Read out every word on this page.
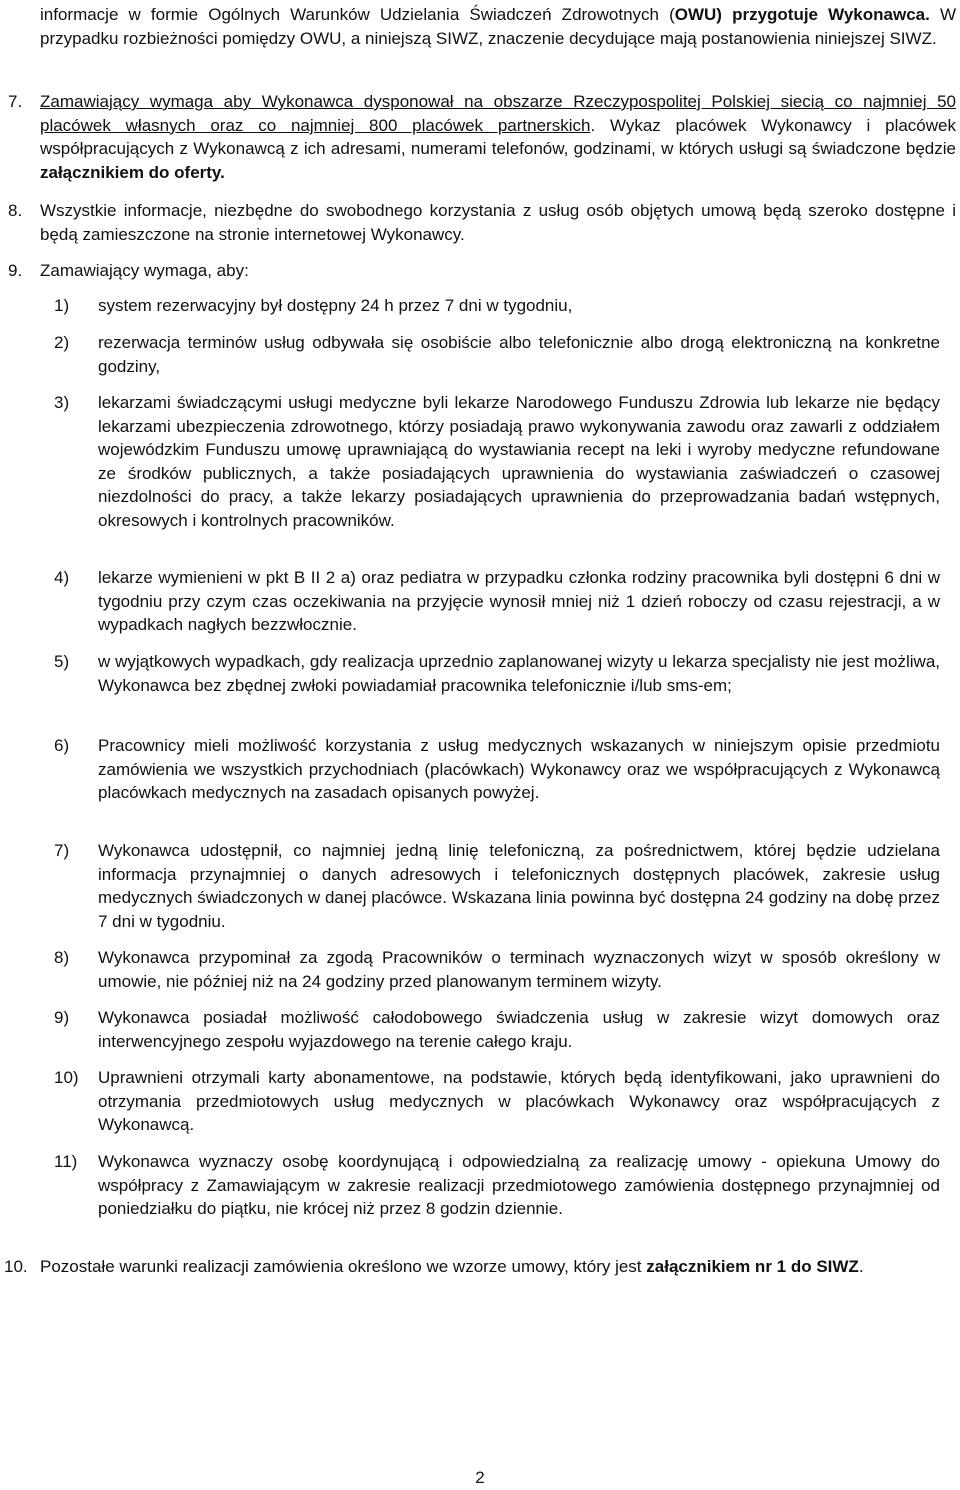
informacje w formie Ogólnych Warunków Udzielania Świadczeń Zdrowotnych (OWU) przygotuje Wykonawca. W przypadku rozbieżności pomiędzy OWU, a niniejszą SIWZ, znaczenie decydujące mają postanowienia niniejszej SIWZ.
7. Zamawiający wymaga aby Wykonawca dysponował na obszarze Rzeczypospolitej Polskiej siecią co najmniej 50 placówek własnych oraz co najmniej 800 placówek partnerskich. Wykaz placówek Wykonawcy i placówek współpracujących z Wykonawcą z ich adresami, numerami telefonów, godzinami, w których usługi są świadczone będzie załącznikiem do oferty.
8. Wszystkie informacje, niezbędne do swobodnego korzystania z usług osób objętych umową będą szeroko dostępne i będą zamieszczone na stronie internetowej Wykonawcy.
9. Zamawiający wymaga, aby:
1) system rezerwacyjny był dostępny 24 h przez 7 dni w tygodniu,
2) rezerwacja terminów usług odbywała się osobiście albo telefonicznie albo drogą elektroniczną na konkretne godziny,
3) lekarzami świadczącymi usługi medyczne byli lekarze Narodowego Funduszu Zdrowia lub lekarze nie będący lekarzami ubezpieczenia zdrowotnego, którzy posiadają prawo wykonywania zawodu oraz zawarli z oddziałem wojewódzkim Funduszu umowę uprawniającą do wystawiania recept na leki i wyroby medyczne refundowane ze środków publicznych, a także posiadających uprawnienia do wystawiania zaświadczeń o czasowej niezdolności do pracy, a także lekarzy posiadających uprawnienia do przeprowadzania badań wstępnych, okresowych i kontrolnych pracowników.
4) lekarze wymienieni w pkt B II 2 a) oraz pediatra w przypadku członka rodziny pracownika byli dostępni 6 dni w tygodniu przy czym czas oczekiwania na przyjęcie wynosił mniej niż 1 dzień roboczy od czasu rejestracji, a w wypadkach nagłych bezzwłocznie.
5) w wyjątkowych wypadkach, gdy realizacja uprzednio zaplanowanej wizyty u lekarza specjalisty nie jest możliwa, Wykonawca bez zbędnej zwłoki powiadamiał pracownika telefonicznie i/lub sms-em;
6) Pracownicy mieli możliwość korzystania z usług medycznych wskazanych w niniejszym opisie przedmiotu zamówienia we wszystkich przychodniach (placówkach) Wykonawcy oraz we współpracujących z Wykonawcą placówkach medycznych na zasadach opisanych powyżej.
7) Wykonawca udostępnił, co najmniej jedną linię telefoniczną, za pośrednictwem, której będzie udzielana informacja przynajmniej o danych adresowych i telefonicznych dostępnych placówek, zakresie usług medycznych świadczonych w danej placówce. Wskazana linia powinna być dostępna 24 godziny na dobę przez 7 dni w tygodniu.
8) Wykonawca przypominał za zgodą Pracowników o terminach wyznaczonych wizyt w sposób określony w umowie, nie później niż na 24 godziny przed planowanym terminem wizyty.
9) Wykonawca posiadał możliwość całodobowego świadczenia usług w zakresie wizyt domowych oraz interwencyjnego zespołu wyjazdowego na terenie całego kraju.
10) Uprawnieni otrzymali karty abonamentowe, na podstawie, których będą identyfikowani, jako uprawnieni do otrzymania przedmiotowych usług medycznych w placówkach Wykonawcy oraz współpracujących z Wykonawcą.
11) Wykonawca wyznaczy osobę koordynującą i odpowiedzialną za realizację umowy - opiekuna Umowy do współpracy z Zamawiającym w zakresie realizacji przedmiotowego zamówienia dostępnego przynajmniej od poniedziałku do piątku, nie krócej niż przez 8 godzin dziennie.
10. Pozostałe warunki realizacji zamówienia określono we wzorze umowy, który jest załącznikiem nr 1 do SIWZ.
2
